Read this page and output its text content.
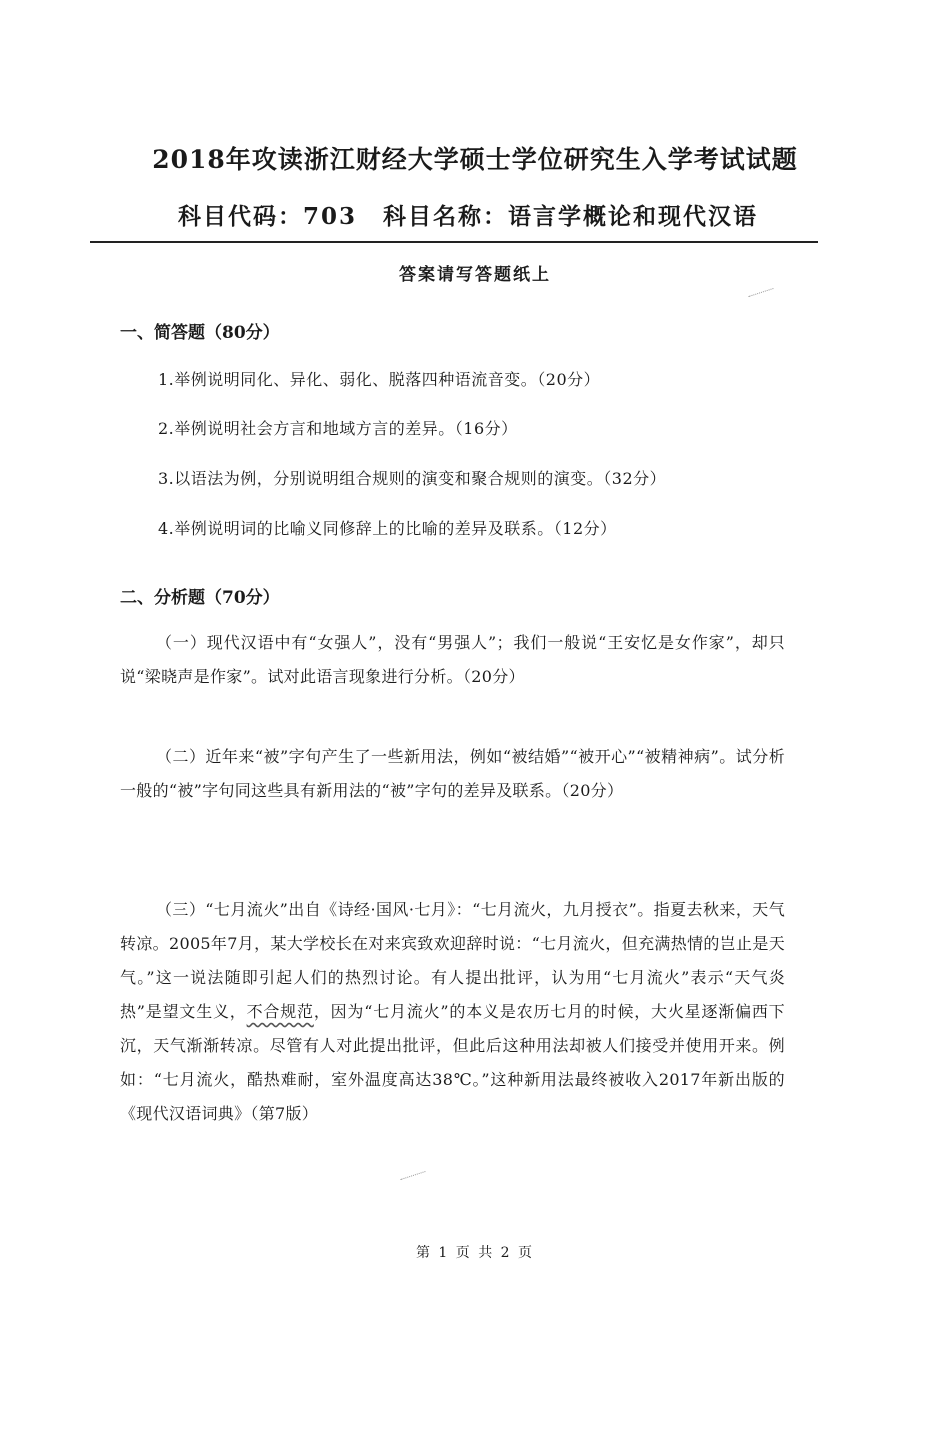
2018年攻读浙江财经大学硕士学位研究生入学考试试题
科目代码：703 科目名称：语言学概论和现代汉语
答案请写答题纸上
一、简答题（80分）
1.举例说明同化、异化、弱化、脱落四种语流音变。（20分）
2.举例说明社会方言和地域方言的差异。（16分）
3.以语法为例，分别说明组合规则的演变和聚合规则的演变。（32分）
4.举例说明词的比喻义同修辞上的比喻的差异及联系。（12分）
二、分析题（70分）
（一）现代汉语中有“女强人”，没有“男强人”；我们一般说“王安忆是女作家”，却只说“梁晓声是作家”。试对此语言现象进行分析。（20分）
（二）近年来“被”字句产生了一些新用法，例如“被结婚”“被开心”“被精神病”。试分析一般的“被”字句同这些具有新用法的“被”字句的差异及联系。（20分）
（三）“七月流火”出自《诗经·国风·七月》：“七月流火，九月授衣”。指夏去秋来，天气转凉。2005年7月，某大学校长在对来宾致欢迎辞时说：“七月流火，但充满热情的岂止是天气。”这一说法随即引起人们的热烈讨论。有人提出批评，认为用“七月流火”表示“天气炎热”是望文生义，不合规范，因为“七月流火”的本义是农历七月的时候，大火星逐渐偏西下沉，天气渐渐转凉。尽管有人对此提出批评，但此后这种用法却被人们接受并使用开来。例如：“七月流火，酷热难耐，室外温度高达38℃。”这种新用法最终被收入2017年新出版的《现代汉语词典》（第7版）
第 1 页 共 2 页
